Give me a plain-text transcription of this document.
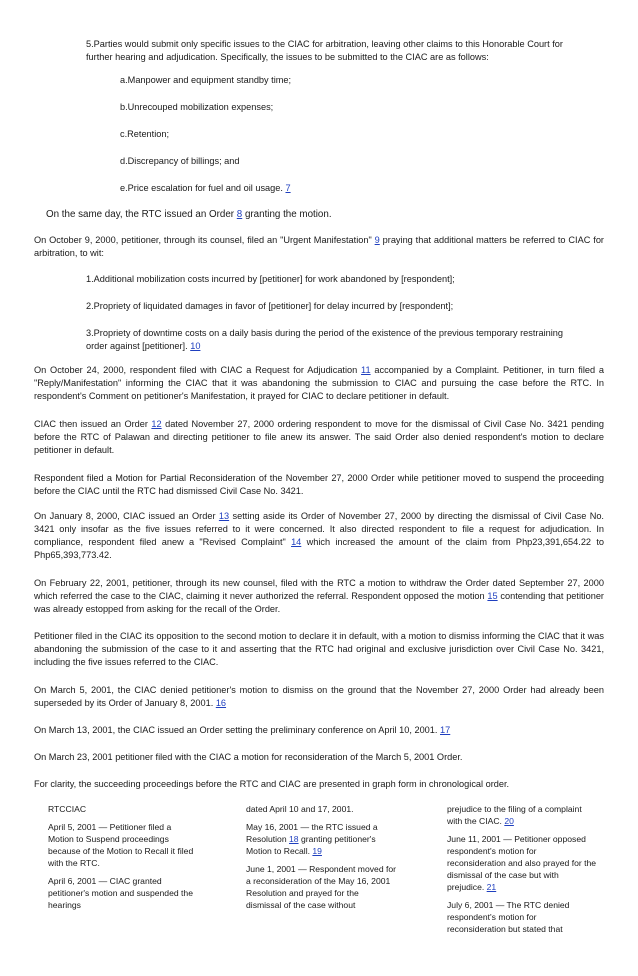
5.Parties would submit only specific issues to the CIAC for arbitration, leaving other claims to this Honorable Court for further hearing and adjudication. Specifically, the issues to be submitted to the CIAC are as follows:
a.Manpower and equipment standby time;
b.Unrecouped mobilization expenses;
c.Retention;
d.Discrepancy of billings; and
e.Price escalation for fuel and oil usage. 7
On the same day, the RTC issued an Order 8 granting the motion.
On October 9, 2000, petitioner, through its counsel, filed an "Urgent Manifestation" 9 praying that additional matters be referred to CIAC for arbitration, to wit:
1.Additional mobilization costs incurred by [petitioner] for work abandoned by [respondent];
2.Propriety of liquidated damages in favor of [petitioner] for delay incurred by [respondent];
3.Propriety of downtime costs on a daily basis during the period of the existence of the previous temporary restraining order against [petitioner]. 10
On October 24, 2000, respondent filed with CIAC a Request for Adjudication 11 accompanied by a Complaint. Petitioner, in turn filed a "Reply/Manifestation" informing the CIAC that it was abandoning the submission to CIAC and pursuing the case before the RTC. In respondent's Comment on petitioner's Manifestation, it prayed for CIAC to declare petitioner in default.
CIAC then issued an Order 12 dated November 27, 2000 ordering respondent to move for the dismissal of Civil Case No. 3421 pending before the RTC of Palawan and directing petitioner to file anew its answer. The said Order also denied respondent's motion to declare petitioner in default.
Respondent filed a Motion for Partial Reconsideration of the November 27, 2000 Order while petitioner moved to suspend the proceeding before the CIAC until the RTC had dismissed Civil Case No. 3421.
On January 8, 2000, CIAC issued an Order 13 setting aside its Order of November 27, 2000 by directing the dismissal of Civil Case No. 3421 only insofar as the five issues referred to it were concerned. It also directed respondent to file a request for adjudication. In compliance, respondent filed anew a "Revised Complaint" 14 which increased the amount of the claim from Php23,391,654.22 to Php65,393,773.42.
On February 22, 2001, petitioner, through its new counsel, filed with the RTC a motion to withdraw the Order dated September 27, 2000 which referred the case to the CIAC, claiming it never authorized the referral. Respondent opposed the motion 15 contending that petitioner was already estopped from asking for the recall of the Order.
Petitioner filed in the CIAC its opposition to the second motion to declare it in default, with a motion to dismiss informing the CIAC that it was abandoning the submission of the case to it and asserting that the RTC had original and exclusive jurisdiction over Civil Case No. 3421, including the five issues referred to the CIAC.
On March 5, 2001, the CIAC denied petitioner's motion to dismiss on the ground that the November 27, 2000 Order had already been superseded by its Order of January 8, 2001. 16
On March 13, 2001, the CIAC issued an Order setting the preliminary conference on April 10, 2001. 17
On March 23, 2001 petitioner filed with the CIAC a motion for reconsideration of the March 5, 2001 Order.
For clarity, the succeeding proceedings before the RTC and CIAC are presented in graph form in chronological order.
RTCCIAC
April 5, 2001 — Petitioner filed a Motion to Suspend proceedings because of the Motion to Recall it filed with the RTC.
April 6, 2001 — CIAC granted petitioner's motion and suspended the hearings
dated April 10 and 17, 2001.
May 16, 2001 — the RTC issued a Resolution 18 granting petitioner's Motion to Recall. 19
June 1, 2001 — Respondent moved for a reconsideration of the May 16, 2001 Resolution and prayed for the dismissal of the case without
prejudice to the filing of a complaint with the CIAC. 20
June 11, 2001 — Petitioner opposed respondent's motion for reconsideration and also prayed for the dismissal of the case but with prejudice. 21
July 6, 2001 — The RTC denied respondent's motion for reconsideration but stated that
